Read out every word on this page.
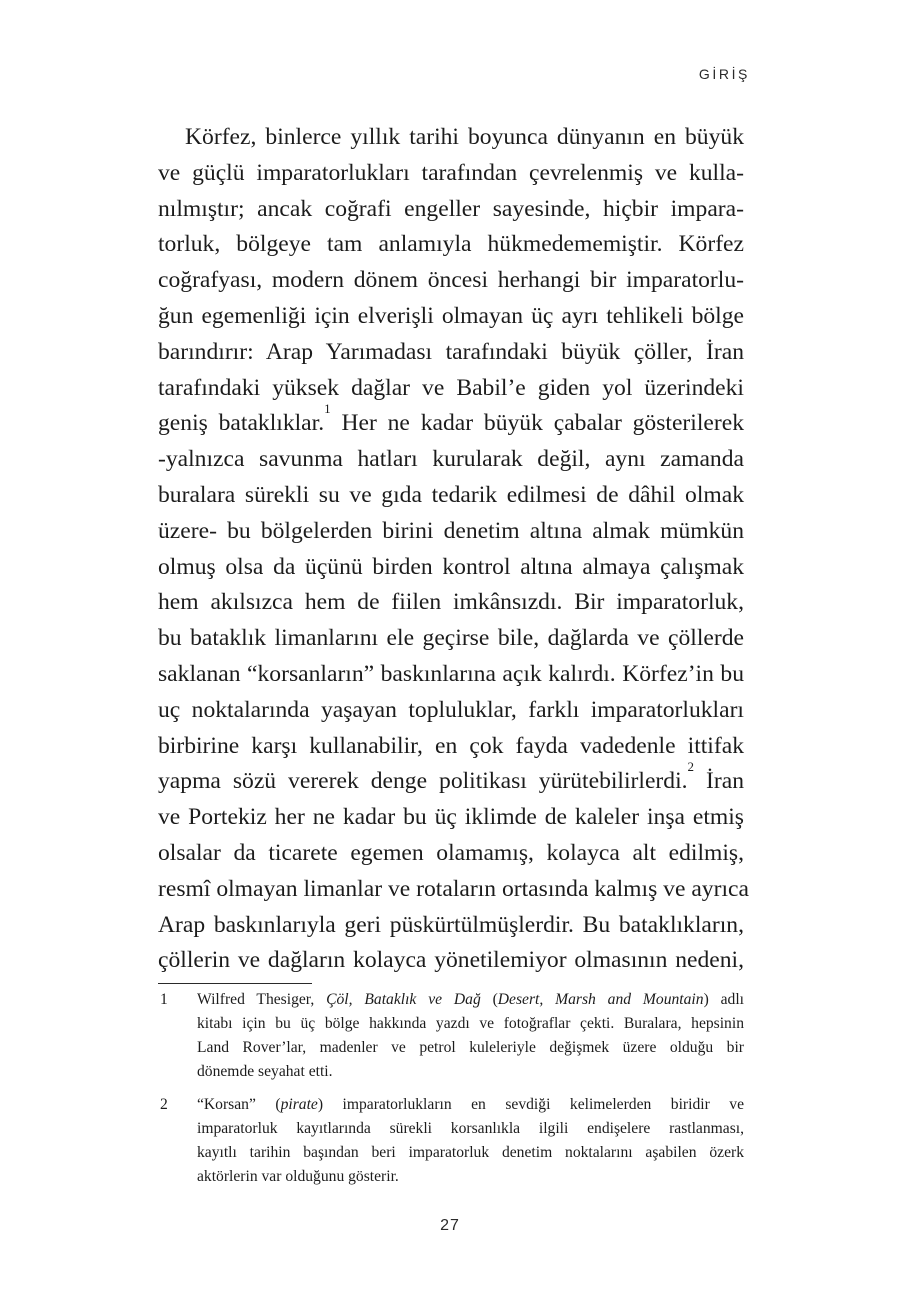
GİRİŞ
Körfez, binlerce yıllık tarihi boyunca dünyanın en büyük
ve güçlü imparatorlukları tarafından çevrelenmiş ve kulla-
nılmıştır; ancak coğrafi engeller sayesinde, hiçbir impara-
torluk, bölgeye tam anlamıyla hükmedememiştir. Körfez
coğrafyası, modern dönem öncesi herhangi bir imparatorlu-
ğun egemenliği için elverişli olmayan üç ayrı tehlikeli bölge
barındırır: Arap Yarımadası tarafındaki büyük çöller, İran
tarafındaki yüksek dağlar ve Babil’e giden yol üzerindeki
geniş bataklıklar.$^1$ Her ne kadar büyük çabalar gösterilerek
-yalnızca savunma hatları kurularak değil, aynı zamanda
buralara sürekli su ve gıda tedarik edilmesi de dâhil olmak
üzere- bu bölgelerden birini denetim altına almak mümkün
olmuş olsa da üçünü birden kontrol altına almaya çalışmak
hem akılsızca hem de fiilen imkânsızdı. Bir imparatorluk,
bu bataklık limanlarını ele geçirse bile, dağlarda ve çöllerde
saklanan “korsanların” baskınlarına açık kalırdı. Körfez’in bu
uç noktalarında yaşayan topluluklar, farklı imparatorlukları
birbirine karşı kullanabilir, en çok fayda vadedenle ittifak
yapma sözü vererek denge politikası yürütebilirlerdi.$^2$ İran
ve Portekiz her ne kadar bu üç iklimde de kaleler inşa etmiş
olsalar da ticarete egemen olamamış, kolayca alt edilmiş,
resmî olmayan limanlar ve rotaların ortasında kalmış ve ayrıca
Arap baskınlarıyla geri püskürtülmüşlerdir. Bu bataklıkların,
çöllerin ve dağların kolayca yönetilemiyor olmasının nedeni,
1 Wilfred Thesiger, Çöl, Bataklık ve Dağ (Desert, Marsh and Mountain) adlı
kitabı için bu üç bölge hakkında yazdı ve fotoğraflar çekti. Buralara, hepsinin
Land Rover’lar, madenler ve petrol kuleleriyle değişmek üzere olduğu bir
dönemde seyahat etti.
2 “Korsan” (pirate) imparatorlukların en sevdiği kelimelerden biridir ve
imparatorluk kayıtlarında sürekli korsanlıkla ilgili endişelere rastlanması,
kayıtlı tarihin başından beri imparatorluk denetim noktalarını aşabilen özerk
aktörlerin var olduğunu gösterir.
27
